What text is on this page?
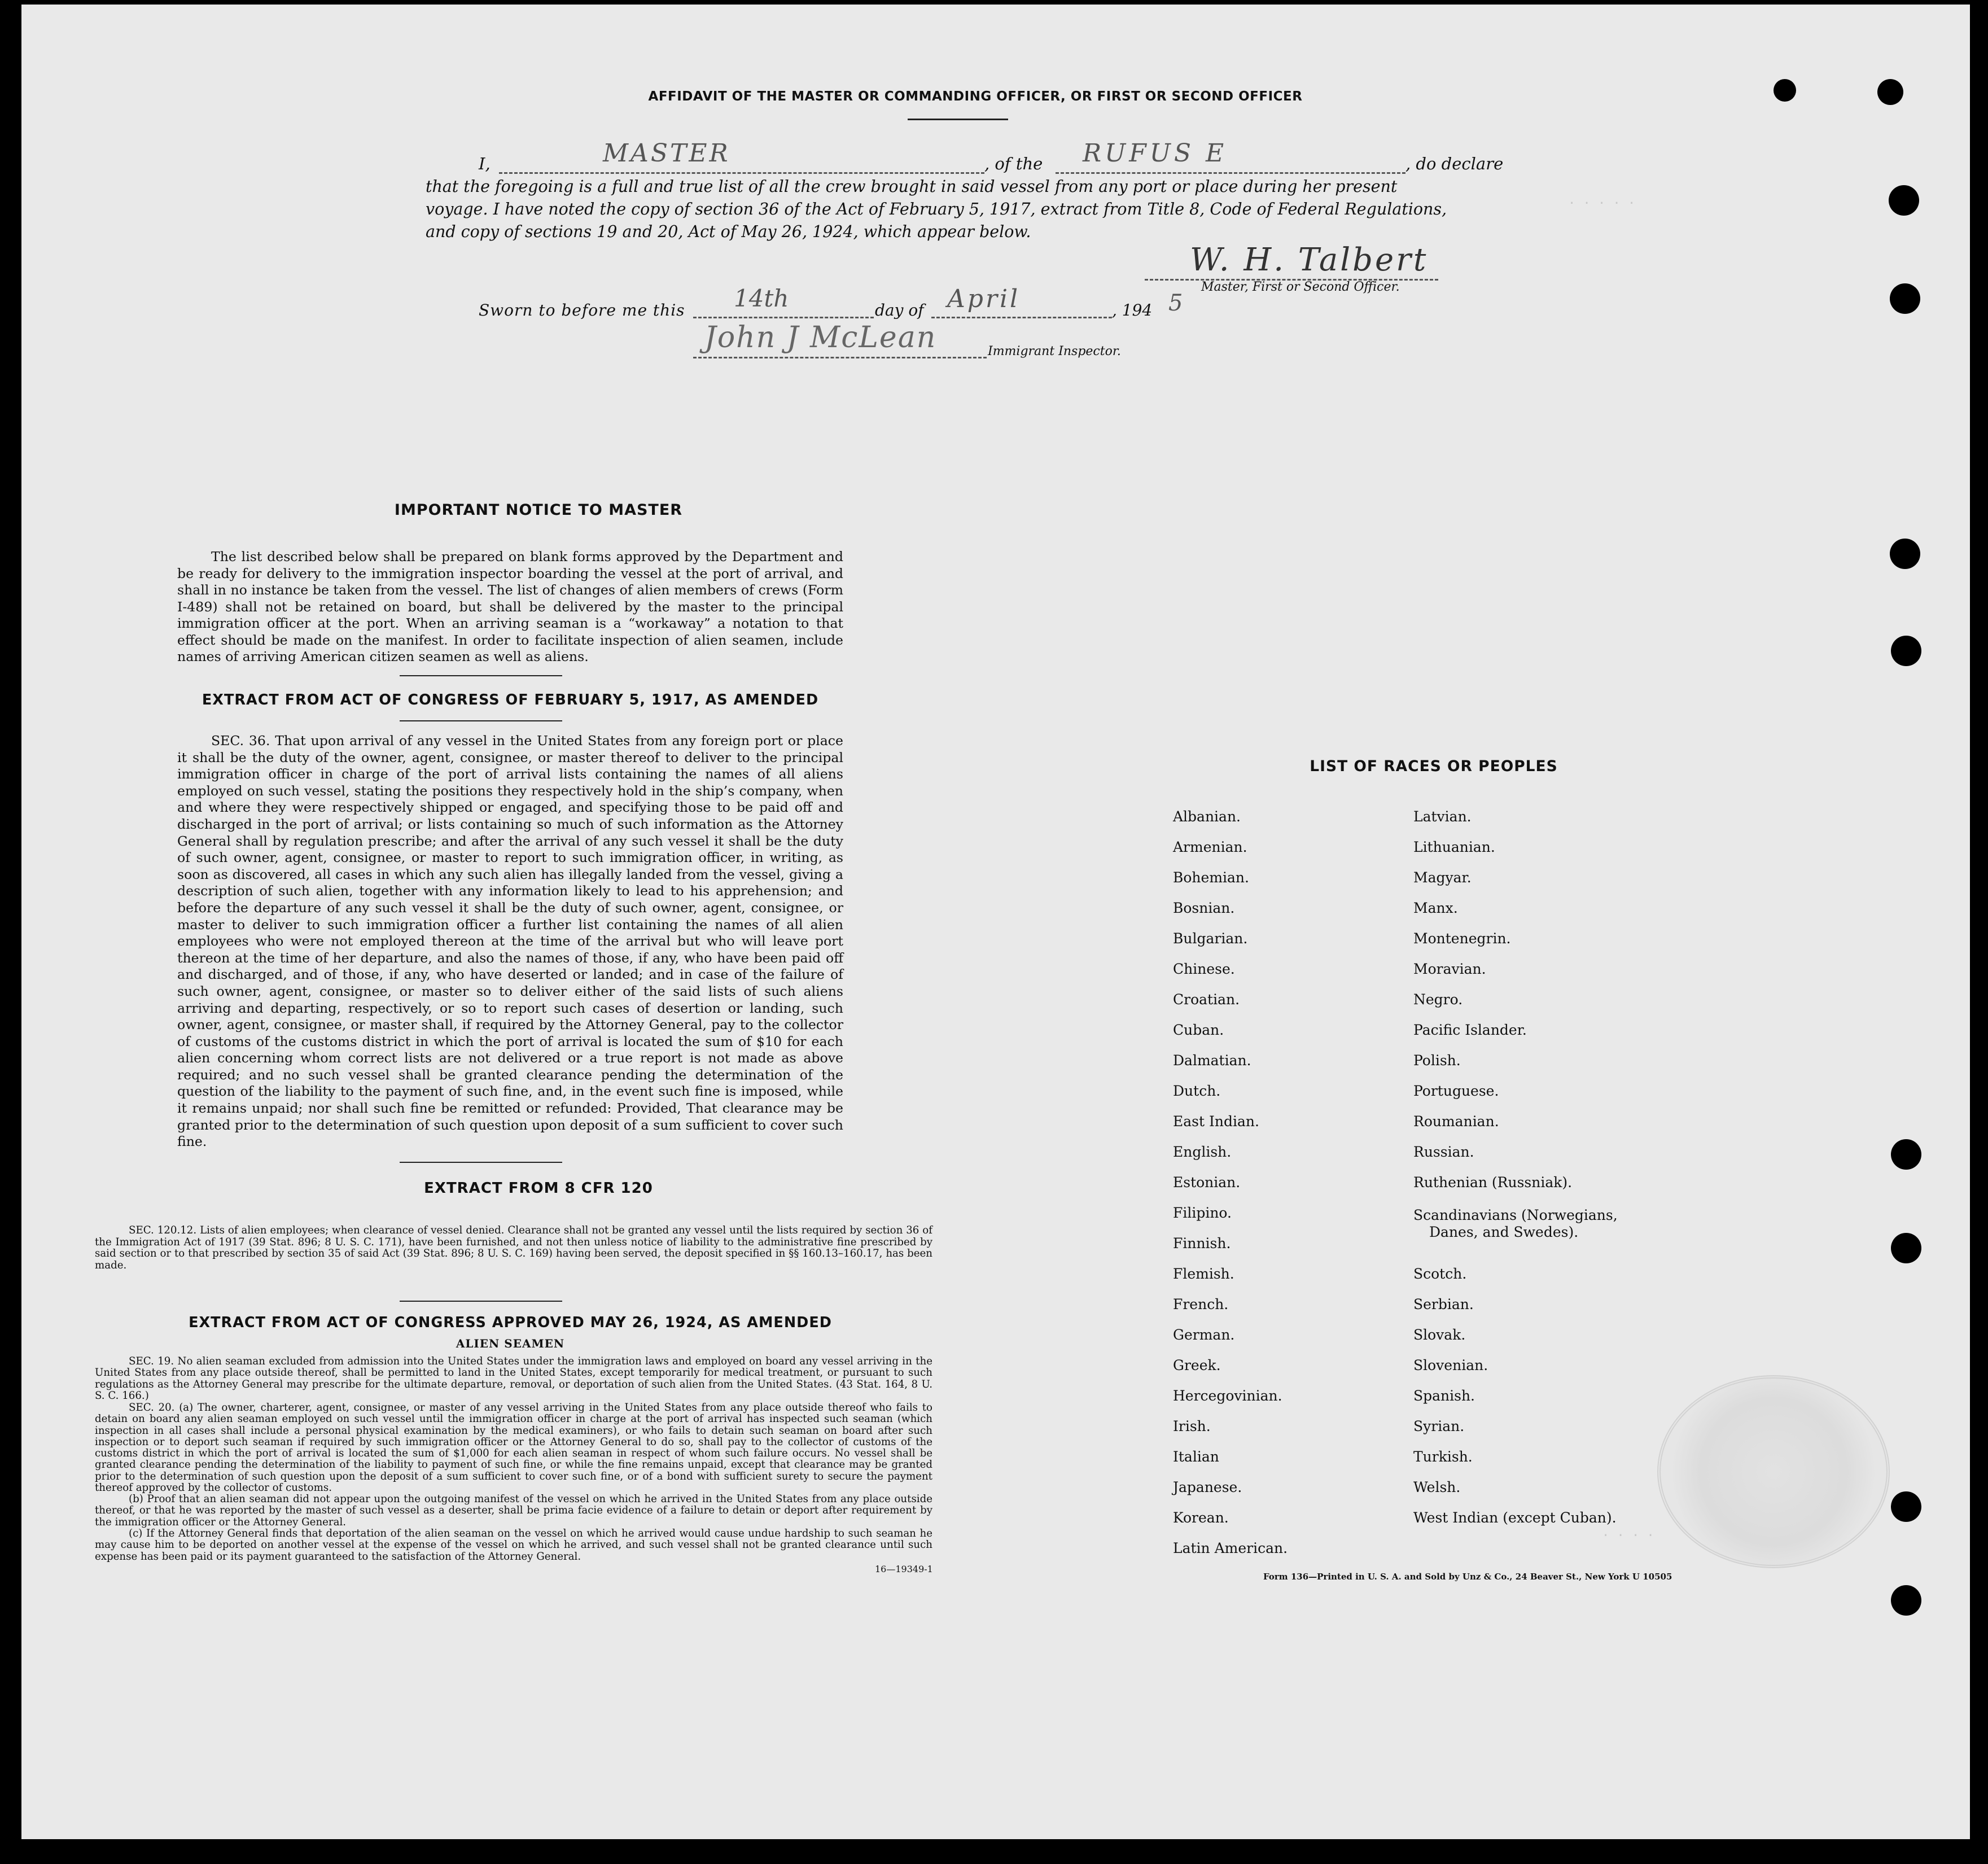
AFFIDAVIT OF THE MASTER OR COMMANDING OFFICER, OR FIRST OR SECOND OFFICER
I,	MASTER	, of the RUFUS E	, do declare
that the foregoing is a full and true list of all the crew brought in said vessel from any port or place during her present
voyage. I have noted the copy of section 36 of the Act of February 5, 1917, extract from Title 8, Code of Federal Regulations,
and copy of sections 19 and 20, Act of May 26, 1924, which appear below.
W. H. Talbert
Master, First or Second Officer.
Sworn to before me this 14th	day of April	, 194 5
John J McLean	Immigrant Inspector.
IMPORTANT NOTICE TO MASTER
The list described below shall be prepared on blank forms approved by the Department and be ready for delivery to the immigration inspector boarding the vessel at the port of arrival, and shall in no instance be taken from the vessel. The list of changes of alien members of crews (Form I-489) shall not be retained on board, but shall be delivered by the master to the principal immigration officer at the port. When an arriving seaman is a “workaway” a notation to that effect should be made on the manifest. In order to facilitate inspection of alien seamen, include names of arriving American citizen seamen as well as aliens.
EXTRACT FROM ACT OF CONGRESS OF FEBRUARY 5, 1917, AS AMENDED
SEC. 36. That upon arrival of any vessel in the United States from any foreign port or place it shall be the duty of the owner, agent, consignee, or master thereof to deliver to the principal immigration officer in charge of the port of arrival lists containing the names of all aliens employed on such vessel, stating the positions they respectively hold in the ship’s company, when and where they were respectively shipped or engaged, and specifying those to be paid off and discharged in the port of arrival; or lists containing so much of such information as the Attorney General shall by regulation prescribe; and after the arrival of any such vessel it shall be the duty of such owner, agent, consignee, or master to report to such immigration officer, in writing, as soon as discovered, all cases in which any such alien has illegally landed from the vessel, giving a description of such alien, together with any information likely to lead to his apprehension; and before the departure of any such vessel it shall be the duty of such owner, agent, consignee, or master to deliver to such immigration officer a further list containing the names of all alien employees who were not employed thereon at the time of the arrival but who will leave port thereon at the time of her departure, and also the names of those, if any, who have been paid off and discharged, and of those, if any, who have deserted or landed; and in case of the failure of such owner, agent, consignee, or master so to deliver either of the said lists of such aliens arriving and departing, respectively, or so to report such cases of desertion or landing, such owner, agent, consignee, or master shall, if required by the Attorney General, pay to the collector of customs of the customs district in which the port of arrival is located the sum of $10 for each alien concerning whom correct lists are not delivered or a true report is not made as above required; and no such vessel shall be granted clearance pending the determination of the question of the liability to the payment of such fine, and, in the event such fine is imposed, while it remains unpaid; nor shall such fine be remitted or refunded: Provided, That clearance may be granted prior to the determination of such question upon deposit of a sum sufficient to cover such fine.
EXTRACT FROM 8 CFR 120
SEC. 120.12. Lists of alien employees; when clearance of vessel denied. Clearance shall not be granted any vessel until the lists required by section 36 of the Immigration Act of 1917 (39 Stat. 896; 8 U. S. C. 171), have been furnished, and not then unless notice of liability to the administrative fine prescribed by said section or to that prescribed by section 35 of said Act (39 Stat. 896; 8 U. S. C. 169) having been served, the deposit specified in §§ 160.13–160.17, has been made.
EXTRACT FROM ACT OF CONGRESS APPROVED MAY 26, 1924, AS AMENDED
ALIEN SEAMEN
SEC. 19. No alien seaman excluded from admission into the United States under the immigration laws and employed on board any vessel arriving in the United States from any place outside thereof, shall be permitted to land in the United States, except temporarily for medical treatment, or pursuant to such regulations as the Attorney General may prescribe for the ultimate departure, removal, or deportation of such alien from the United States. (43 Stat. 164, 8 U. S. C. 166.)
SEC. 20. (a) The owner, charterer, agent, consignee, or master of any vessel arriving in the United States from any place outside thereof who fails to detain on board any alien seaman employed on such vessel until the immigration officer in charge at the port of arrival has inspected such seaman (which inspection in all cases shall include a personal physical examination by the medical examiners), or who fails to detain such seaman on board after such inspection or to deport such seaman if required by such immigration officer or the Attorney General to do so, shall pay to the collector of customs of the customs district in which the port of arrival is located the sum of $1,000 for each alien seaman in respect of whom such failure occurs. No vessel shall be granted clearance pending the determination of the liability to payment of such fine, or while the fine remains unpaid, except that clearance may be granted prior to the determination of such question upon the deposit of a sum sufficient to cover such fine, or of a bond with sufficient surety to secure the payment thereof approved by the collector of customs.
(b) Proof that an alien seaman did not appear upon the outgoing manifest of the vessel on which he arrived in the United States from any place outside thereof, or that he was reported by the master of such vessel as a deserter, shall be prima facie evidence of a failure to detain or deport after requirement by the immigration officer or the Attorney General.
(c) If the Attorney General finds that deportation of the alien seaman on the vessel on which he arrived would cause undue hardship to such seaman he may cause him to be deported on another vessel at the expense of the vessel on which he arrived, and such vessel shall not be granted clearance until such expense has been paid or its payment guaranteed to the satisfaction of the Attorney General.
16—19349-1
LIST OF RACES OR PEOPLES
Albanian.
Armenian.
Bohemian.
Bosnian.
Bulgarian.
Chinese.
Croatian.
Cuban.
Dalmatian.
Dutch.
East Indian.
English.
Estonian.
Filipino.
Finnish.
Flemish.
French.
German.
Greek.
Hercegovinian.
Irish.
Italian
Japanese.
Korean.
Latin American.
Latvian.
Lithuanian.
Magyar.
Manx.
Montenegrin.
Moravian.
Negro.
Pacific Islander.
Polish.
Portuguese.
Roumanian.
Russian.
Ruthenian (Russniak).
Scandinavians (Norwegians,
Danes, and Swedes).
Scotch.
Serbian.
Slovak.
Slovenian.
Spanish.
Syrian.
Turkish.
Welsh.
West Indian (except Cuban).
Form 136—Printed in U. S. A. and Sold by Unz & Co., 24 Beaver St., New York U 10505
· · · · ·
· · · ·
